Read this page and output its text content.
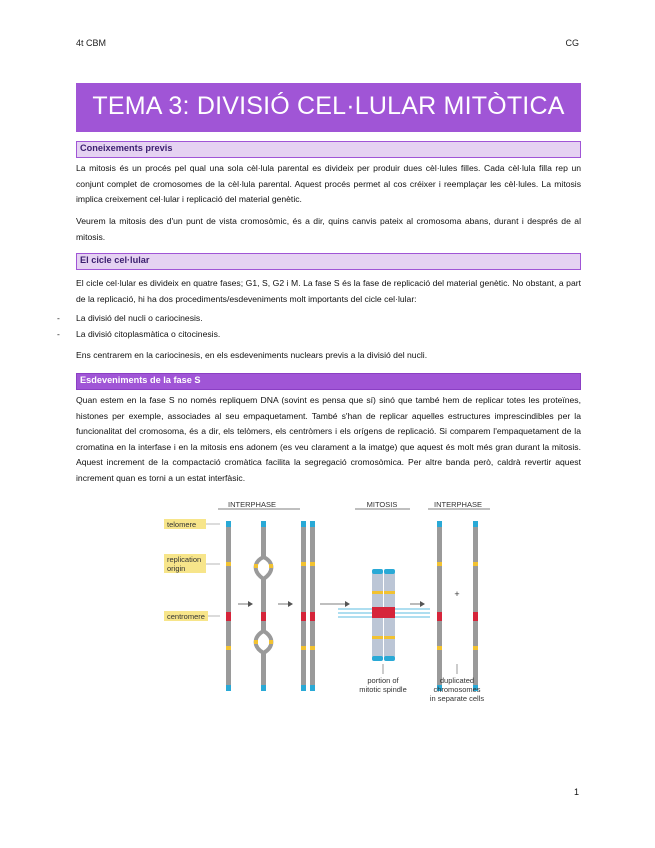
4t CBM	CG
TEMA 3: DIVISIÓ CEL·LULAR MITÒTICA
Coneixements previs
La mitosis és un procés pel qual una sola cèl·lula parental es divideix per produir dues cèl·lules filles. Cada cèl·lula filla rep un conjunt complet de cromosomes de la cèl·lula parental. Aquest procés permet al cos créixer i reemplaçar les cèl·lules. La mitosis implica creixement cel·lular i replicació del material genètic.
Veurem la mitosis des d'un punt de vista cromosòmic, és a dir, quins canvis pateix al cromosoma abans, durant i després de al mitosis.
El cicle cel·lular
El cicle cel·lular es divideix en quatre fases; G1, S, G2 i M. La fase S és la fase de replicació del material genètic. No obstant, a part de la replicació, hi ha dos procediments/esdeveniments molt importants del cicle cel·lular:
- La divisió del nucli o cariocinesis.
- La divisió citoplasmàtica o citocinesis.
Ens centrarem en la cariocinesis, en els esdeveniments nuclears previs a la divisió del nucli.
Esdeveniments de la fase S
Quan estem en la fase S no només repliquem DNA (sovint es pensa que sí) sinó que també hem de replicar totes les proteïnes, histones per exemple, associades al seu empaquetament. També s'han de replicar aquelles estructures imprescindibles per la funcionalitat del cromosoma, és a dir, els telòmers, els centròmers i els orígens de replicació. Si comparem l'empaquetament de la cromatina en la interfase i en la mitosis ens adonem (es veu clarament a la imatge) que aquest és molt més gran durant la mitosis. Aquest increment de la compactació cromàtica facilita la segregació cromosòmica. Per altre banda però, caldrà revertir aquest increment quan es torni a un estat interfàsic.
INTERPHASE	MITOSIS	INTERPHASE
telomere
replication
origin
centromere
portion of
mitotic spindle
+
duplicated
chromosomes
in separate cells
1
